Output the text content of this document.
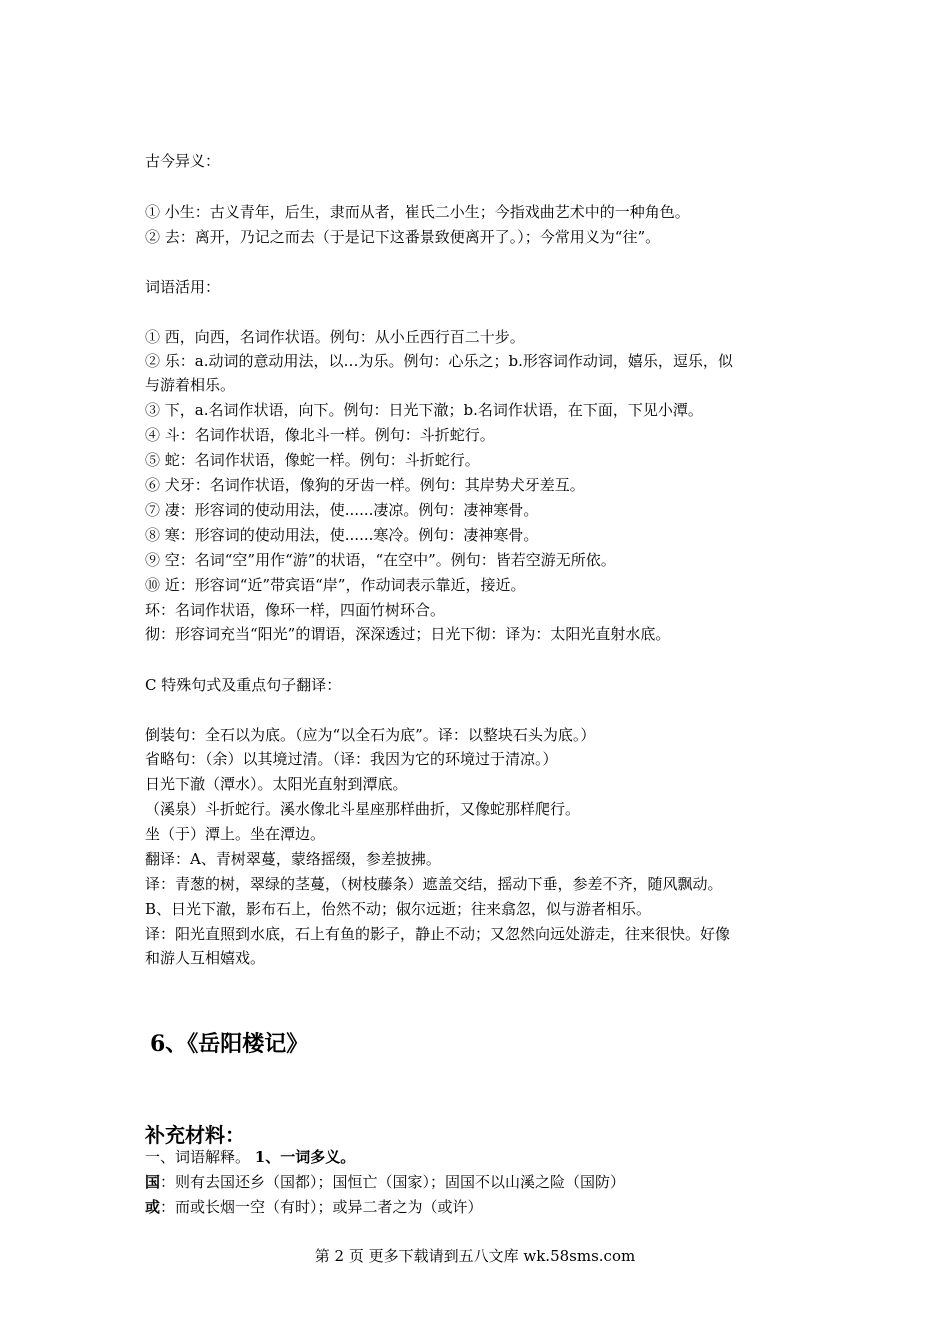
古今异义：
① 小生：古义青年，后生，隶而从者，崔氏二小生；今指戏曲艺术中的一种角色。
② 去：离开，乃记之而去（于是记下这番景致便离开了。）；今常用义为“往”。
词语活用：
① 西，向西，名词作状语。例句：从小丘西行百二十步。
② 乐：a.动词的意动用法，以…为乐。例句：心乐之；b.形容词作动词，嬉乐，逗乐，似
与游着相乐。
③ 下，a.名词作状语，向下。例句：日光下澈；b.名词作状语，在下面，下见小潭。
④ 斗：名词作状语，像北斗一样。例句：斗折蛇行。
⑤ 蛇：名词作状语，像蛇一样。例句：斗折蛇行。
⑥ 犬牙：名词作状语，像狗的牙齿一样。例句：其岸势犬牙差互。
⑦ 凄：形容词的使动用法，使......凄凉。例句：凄神寒骨。
⑧ 寒：形容词的使动用法，使......寒冷。例句：凄神寒骨。
⑨ 空：名词“空”用作“游”的状语，“在空中”。例句：皆若空游无所依。
⑩ 近：形容词“近”带宾语“岸”，作动词表示靠近，接近。
环：名词作状语，像环一样，四面竹树环合。
彻：形容词充当“阳光”的谓语，深深透过；日光下彻：译为：太阳光直射水底。
C 特殊句式及重点句子翻译：
倒装句：全石以为底。（应为“以全石为底”。译：以整块石头为底。）
省略句：（余）以其境过清。（译：我因为它的环境过于清凉。）
日光下澈（潭水）。太阳光直射到潭底。
（溪泉）斗折蛇行。溪水像北斗星座那样曲折，又像蛇那样爬行。
坐（于）潭上。坐在潭边。
翻译：A、青树翠蔓，蒙络摇缀，参差披拂。
译：青葱的树，翠绿的茎蔓，（树枝藤条）遮盖交结，摇动下垂，参差不齐，随风飘动。
B、日光下澈，影布石上，佁然不动；俶尔远逝；往来翕忽，似与游者相乐。
译：阳光直照到水底，石上有鱼的影子，静止不动；又忽然向远处游走，往来很快。好像
和游人互相嬉戏。
6、《岳阳楼记》
补充材料：
一、词语解释。 1、一词多义。
国：则有去国还乡（国都）；国恒亡（国家）；固国不以山溪之险（国防）
或：而或长烟一空（有时）；或异二者之为（或许）
第 2 页 更多下载请到五八文库 wk.58sms.com
